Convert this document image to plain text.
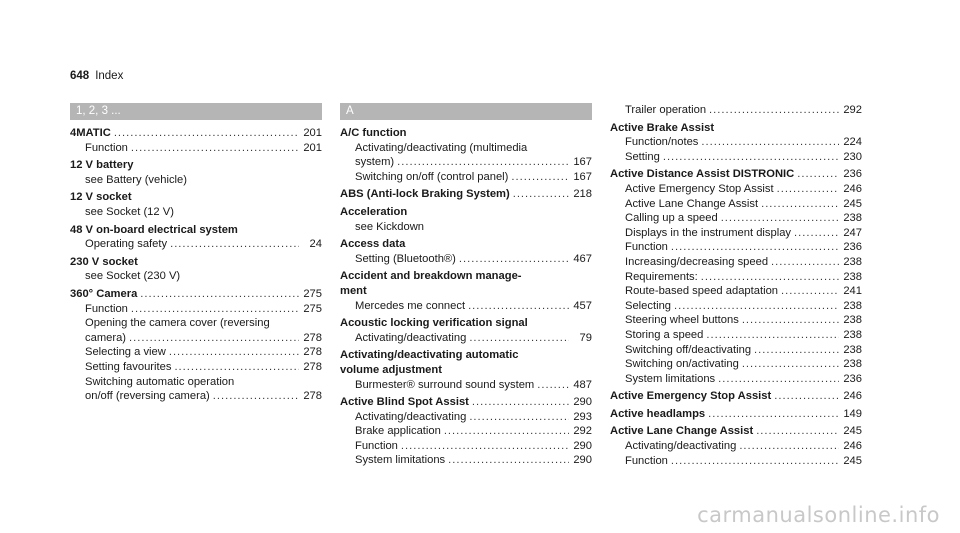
648 Index
1, 2, 3 ...
4MATIC .....	201
Function .....	201
12 V battery
see Battery (vehicle)
12 V socket
see Socket (12 V)
48 V on-board electrical system
Operating safety .....	24
230 V socket
see Socket (230 V)
360° Camera .....	275
Function .....	275
Opening the camera cover (reversing
camera) .....	278
Selecting a view .....	278
Setting favourites .....	278
Switching automatic operation
on/off (reversing camera) .....	278
A
A/C function
Activating/deactivating (multimedia
system) .....	167
Switching on/off (control panel) .....	167
ABS (Anti-lock Braking System) .....	218
Acceleration
see Kickdown
Access data
Setting (Bluetooth®) .....	467
Accident and breakdown manage-
ment
Mercedes me connect .....	457
Acoustic locking verification signal
Activating/deactivating .....	79
Activating/deactivating automatic
volume adjustment
Burmester® surround sound system .....	487
Active Blind Spot Assist .....	290
Activating/deactivating .....	293
Brake application .....	292
Function .....	290
System limitations .....	290
Trailer operation .....	292
Active Brake Assist
Function/notes .....	224
Setting .....	230
Active Distance Assist DISTRONIC .....	236
Active Emergency Stop Assist .....	246
Active Lane Change Assist .....	245
Calling up a speed .....	238
Displays in the instrument display .....	247
Function .....	236
Increasing/decreasing speed .....	238
Requirements: .....	238
Route-based speed adaptation .....	241
Selecting .....	238
Steering wheel buttons .....	238
Storing a speed .....	238
Switching off/deactivating .....	238
Switching on/activating .....	238
System limitations .....	236
Active Emergency Stop Assist .....	246
Active headlamps .....	149
Active Lane Change Assist .....	245
Activating/deactivating .....	246
Function .....	245
carmanualsonline.info
